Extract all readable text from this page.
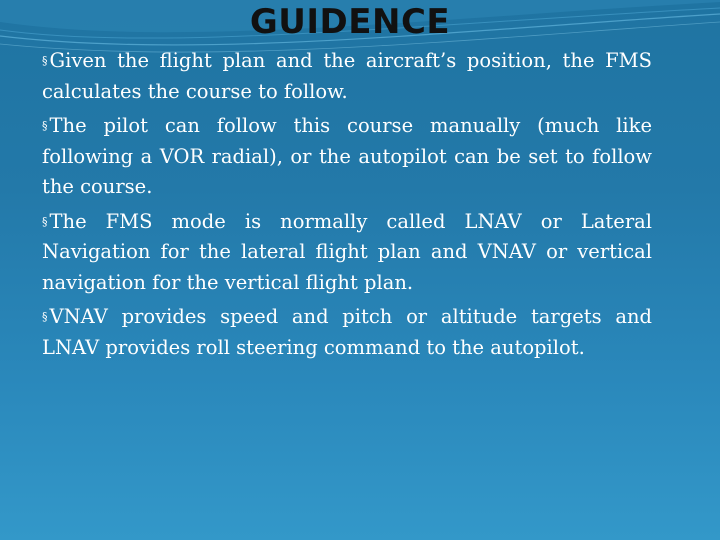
GUIDENCE

§ Given the flight plan and the aircraft’s position, the FMS calculates the course to follow.

§ The pilot can follow this course manually (much like following a VOR radial), or the autopilot can be set to follow the course.

§ The FMS mode is normally called LNAV or Lateral Navigation for the lateral flight plan and VNAV or vertical navigation for the vertical flight plan.

§ VNAV provides speed and pitch or altitude targets and LNAV provides roll steering command to the autopilot.
